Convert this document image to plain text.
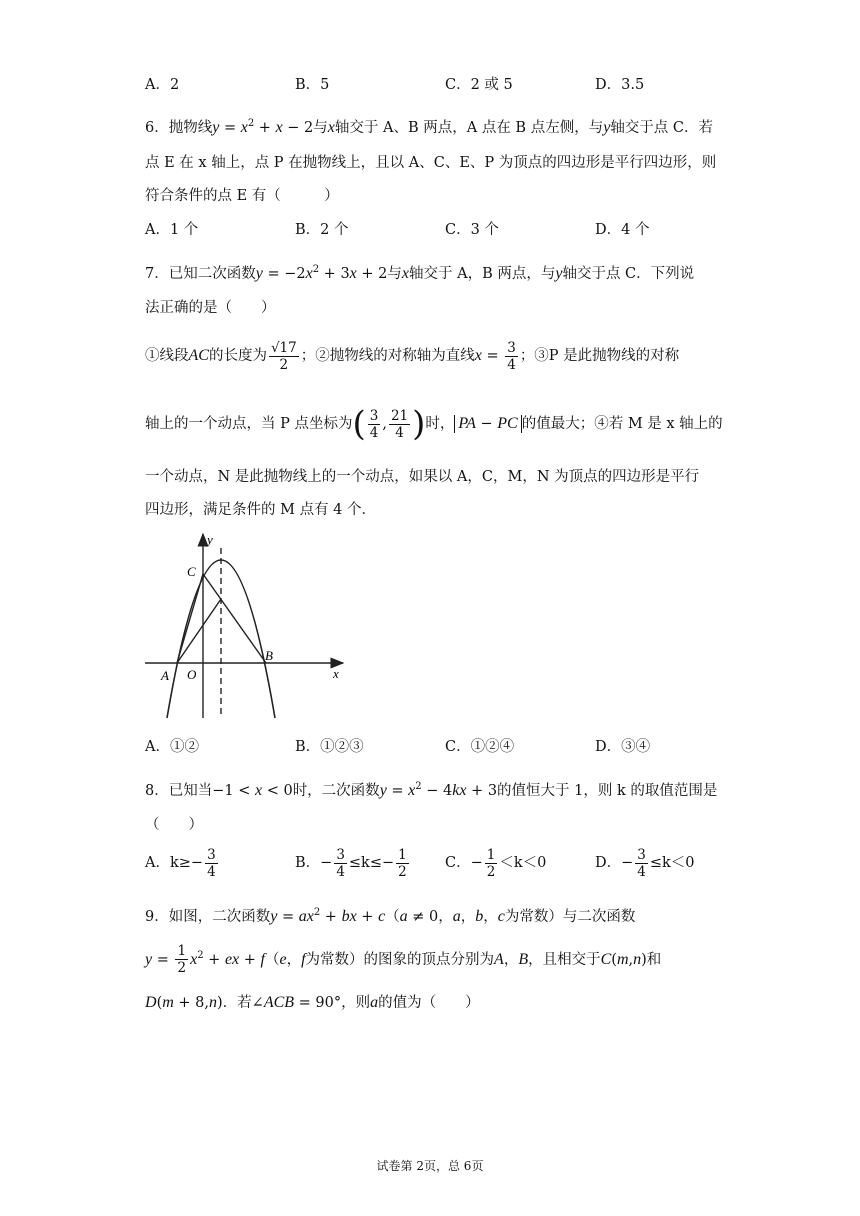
A．2	B．5	C．2 或 5	D．3.5
6．抛物线$y = x^2 + x - 2$与x轴交于 A、B 两点，A 点在 B 点左侧，与y轴交于点 C．若
点 E 在 x 轴上，点 P 在抛物线上，且以 A、C、E、P 为顶点的四边形是平行四边形，则
符合条件的点 E 有（　　　）
A．1 个	B．2 个	C．3 个	D．4 个
7．已知二次函数$y = -2x^2 + 3x + 2$与x轴交于 A，B 两点，与y轴交于点 C．下列说
法正确的是（　　）
①线段AC的长度为 $\frac{√17}{2}$ ；②抛物线的对称轴为直线$x = \frac{3}{4}$ ；③P 是此抛物线的对称
轴上的一个动点，当 P 点坐标为( $\frac{3}{4}$ , $\frac{21}{4}$ )时， PA − PC 的值最大；④若 M 是 x 轴上的
一个动点，N 是此抛物线上的一个动点，如果以 A，C，M，N 为顶点的四边形是平行
四边形，满足条件的 M 点有 4 个．
y
x
C
A O
B
A．①②	B．①②③	C．①②④	D．③④
8．已知当−1 < x < 0时，二次函数$y = x^2 - 4kx + 3$的值恒大于 1，则 k 的取值范围是
（　　）
A．$k\ge- \frac{3}{4}$	B．− $\frac{3}{4} \le k\le- \frac{1}{2}$	C．− $\frac{1}{2} <k<0$	D．− $\frac{3}{4} \le k<0$
9．如图，二次函数$y = ax^2$ + bx + c（a ≠ 0，a，b，c为常数）与二次函数
$y = \frac{1}{2} x^2$ + ex + f（e，f为常数）的图象的顶点分别为A，B，且相交于C(m,n)和
D(m + 8,n)．若∠ACB = 90°，则a的值为（　　）
试卷第 2页，总 6页
